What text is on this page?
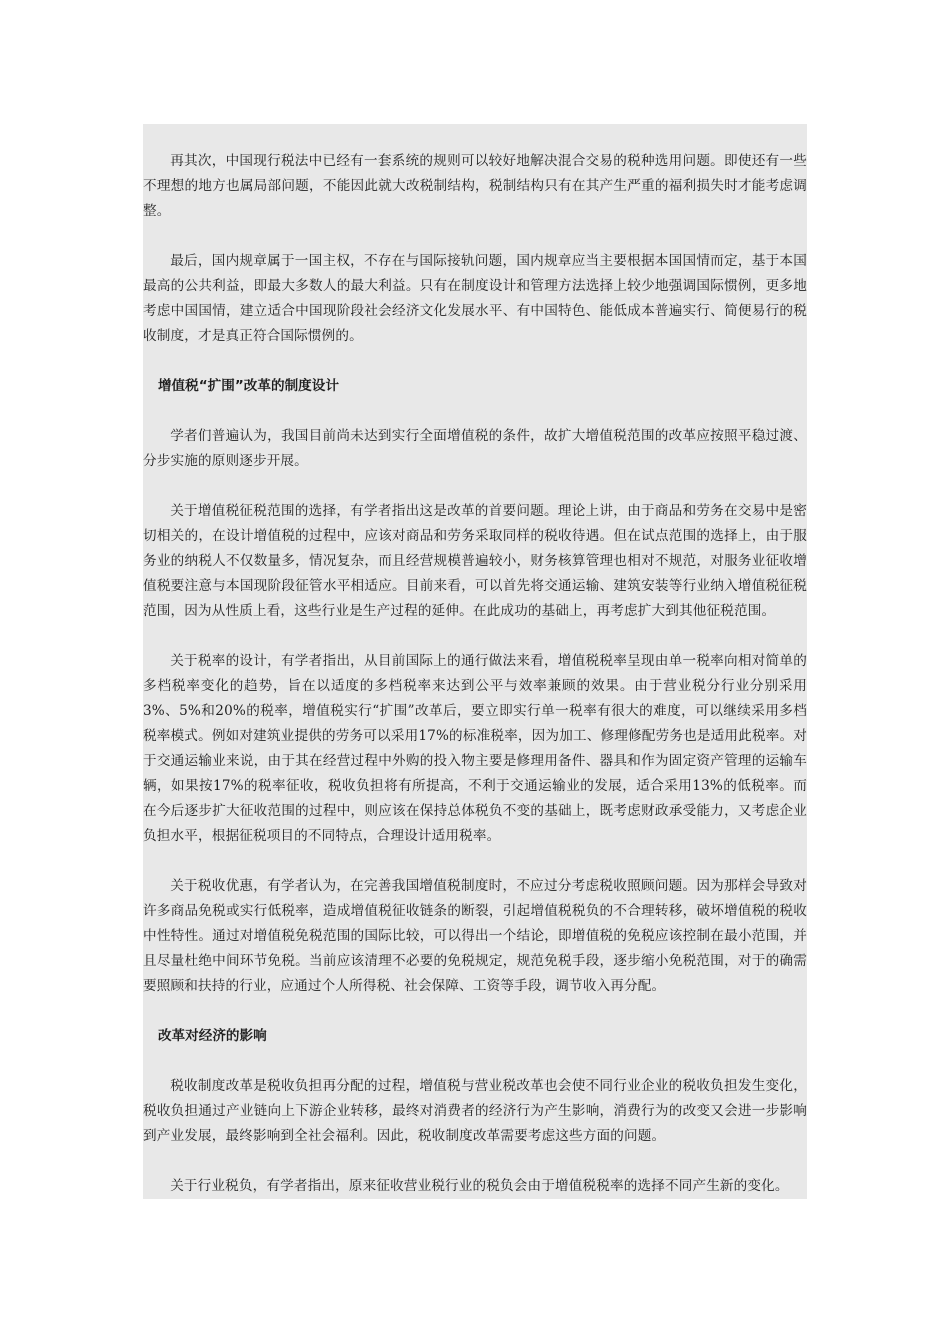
再其次，中国现行税法中已经有一套系统的规则可以较好地解决混合交易的税种选用问题。即使还有一些不理想的地方也属局部问题，不能因此就大改税制结构，税制结构只有在其产生严重的福利损失时才能考虑调整。

最后，国内规章属于一国主权，不存在与国际接轨问题，国内规章应当主要根据本国国情而定，基于本国最高的公共利益，即最大多数人的最大利益。只有在制度设计和管理方法选择上较少地强调国际惯例，更多地考虑中国国情，建立适合中国现阶段社会经济文化发展水平、有中国特色、能低成本普遍实行、简便易行的税收制度，才是真正符合国际惯例的。

增值税“扩围”改革的制度设计

学者们普遍认为，我国目前尚未达到实行全面增值税的条件，故扩大增值税范围的改革应按照平稳过渡、分步实施的原则逐步开展。

关于增值税征税范围的选择，有学者指出这是改革的首要问题。理论上讲，由于商品和劳务在交易中是密切相关的，在设计增值税的过程中，应该对商品和劳务采取同样的税收待遇。但在试点范围的选择上，由于服务业的纳税人不仅数量多，情况复杂，而且经营规模普遍较小，财务核算管理也相对不规范，对服务业征收增值税要注意与本国现阶段征管水平相适应。目前来看，可以首先将交通运输、建筑安装等行业纳入增值税征税范围，因为从性质上看，这些行业是生产过程的延伸。在此成功的基础上，再考虑扩大到其他征税范围。

关于税率的设计，有学者指出，从目前国际上的通行做法来看，增值税税率呈现由单一税率向相对简单的多档税率变化的趋势，旨在以适度的多档税率来达到公平与效率兼顾的效果。由于营业税分行业分别采用3%、5%和20%的税率，增值税实行“扩围”改革后，要立即实行单一税率有很大的难度，可以继续采用多档税率模式。例如对建筑业提供的劳务可以采用17%的标准税率，因为加工、修理修配劳务也是适用此税率。对于交通运输业来说，由于其在经营过程中外购的投入物主要是修理用备件、器具和作为固定资产管理的运输车辆，如果按17%的税率征收，税收负担将有所提高，不利于交通运输业的发展，适合采用13%的低税率。而在今后逐步扩大征收范围的过程中，则应该在保持总体税负不变的基础上，既考虑财政承受能力，又考虑企业负担水平，根据征税项目的不同特点，合理设计适用税率。

关于税收优惠，有学者认为，在完善我国增值税制度时，不应过分考虑税收照顾问题。因为那样会导致对许多商品免税或实行低税率，造成增值税征收链条的断裂，引起增值税税负的不合理转移，破坏增值税的税收中性特性。通过对增值税免税范围的国际比较，可以得出一个结论，即增值税的免税应该控制在最小范围，并且尽量杜绝中间环节免税。当前应该清理不必要的免税规定，规范免税手段，逐步缩小免税范围，对于的确需要照顾和扶持的行业，应通过个人所得税、社会保障、工资等手段，调节收入再分配。

改革对经济的影响

税收制度改革是税收负担再分配的过程，增值税与营业税改革也会使不同行业企业的税收负担发生变化，税收负担通过产业链向上下游企业转移，最终对消费者的经济行为产生影响，消费行为的改变又会进一步影响到产业发展，最终影响到全社会福利。因此，税收制度改革需要考虑这些方面的问题。

关于行业税负，有学者指出，原来征收营业税行业的税负会由于增值税税率的选择不同产生新的变化。
